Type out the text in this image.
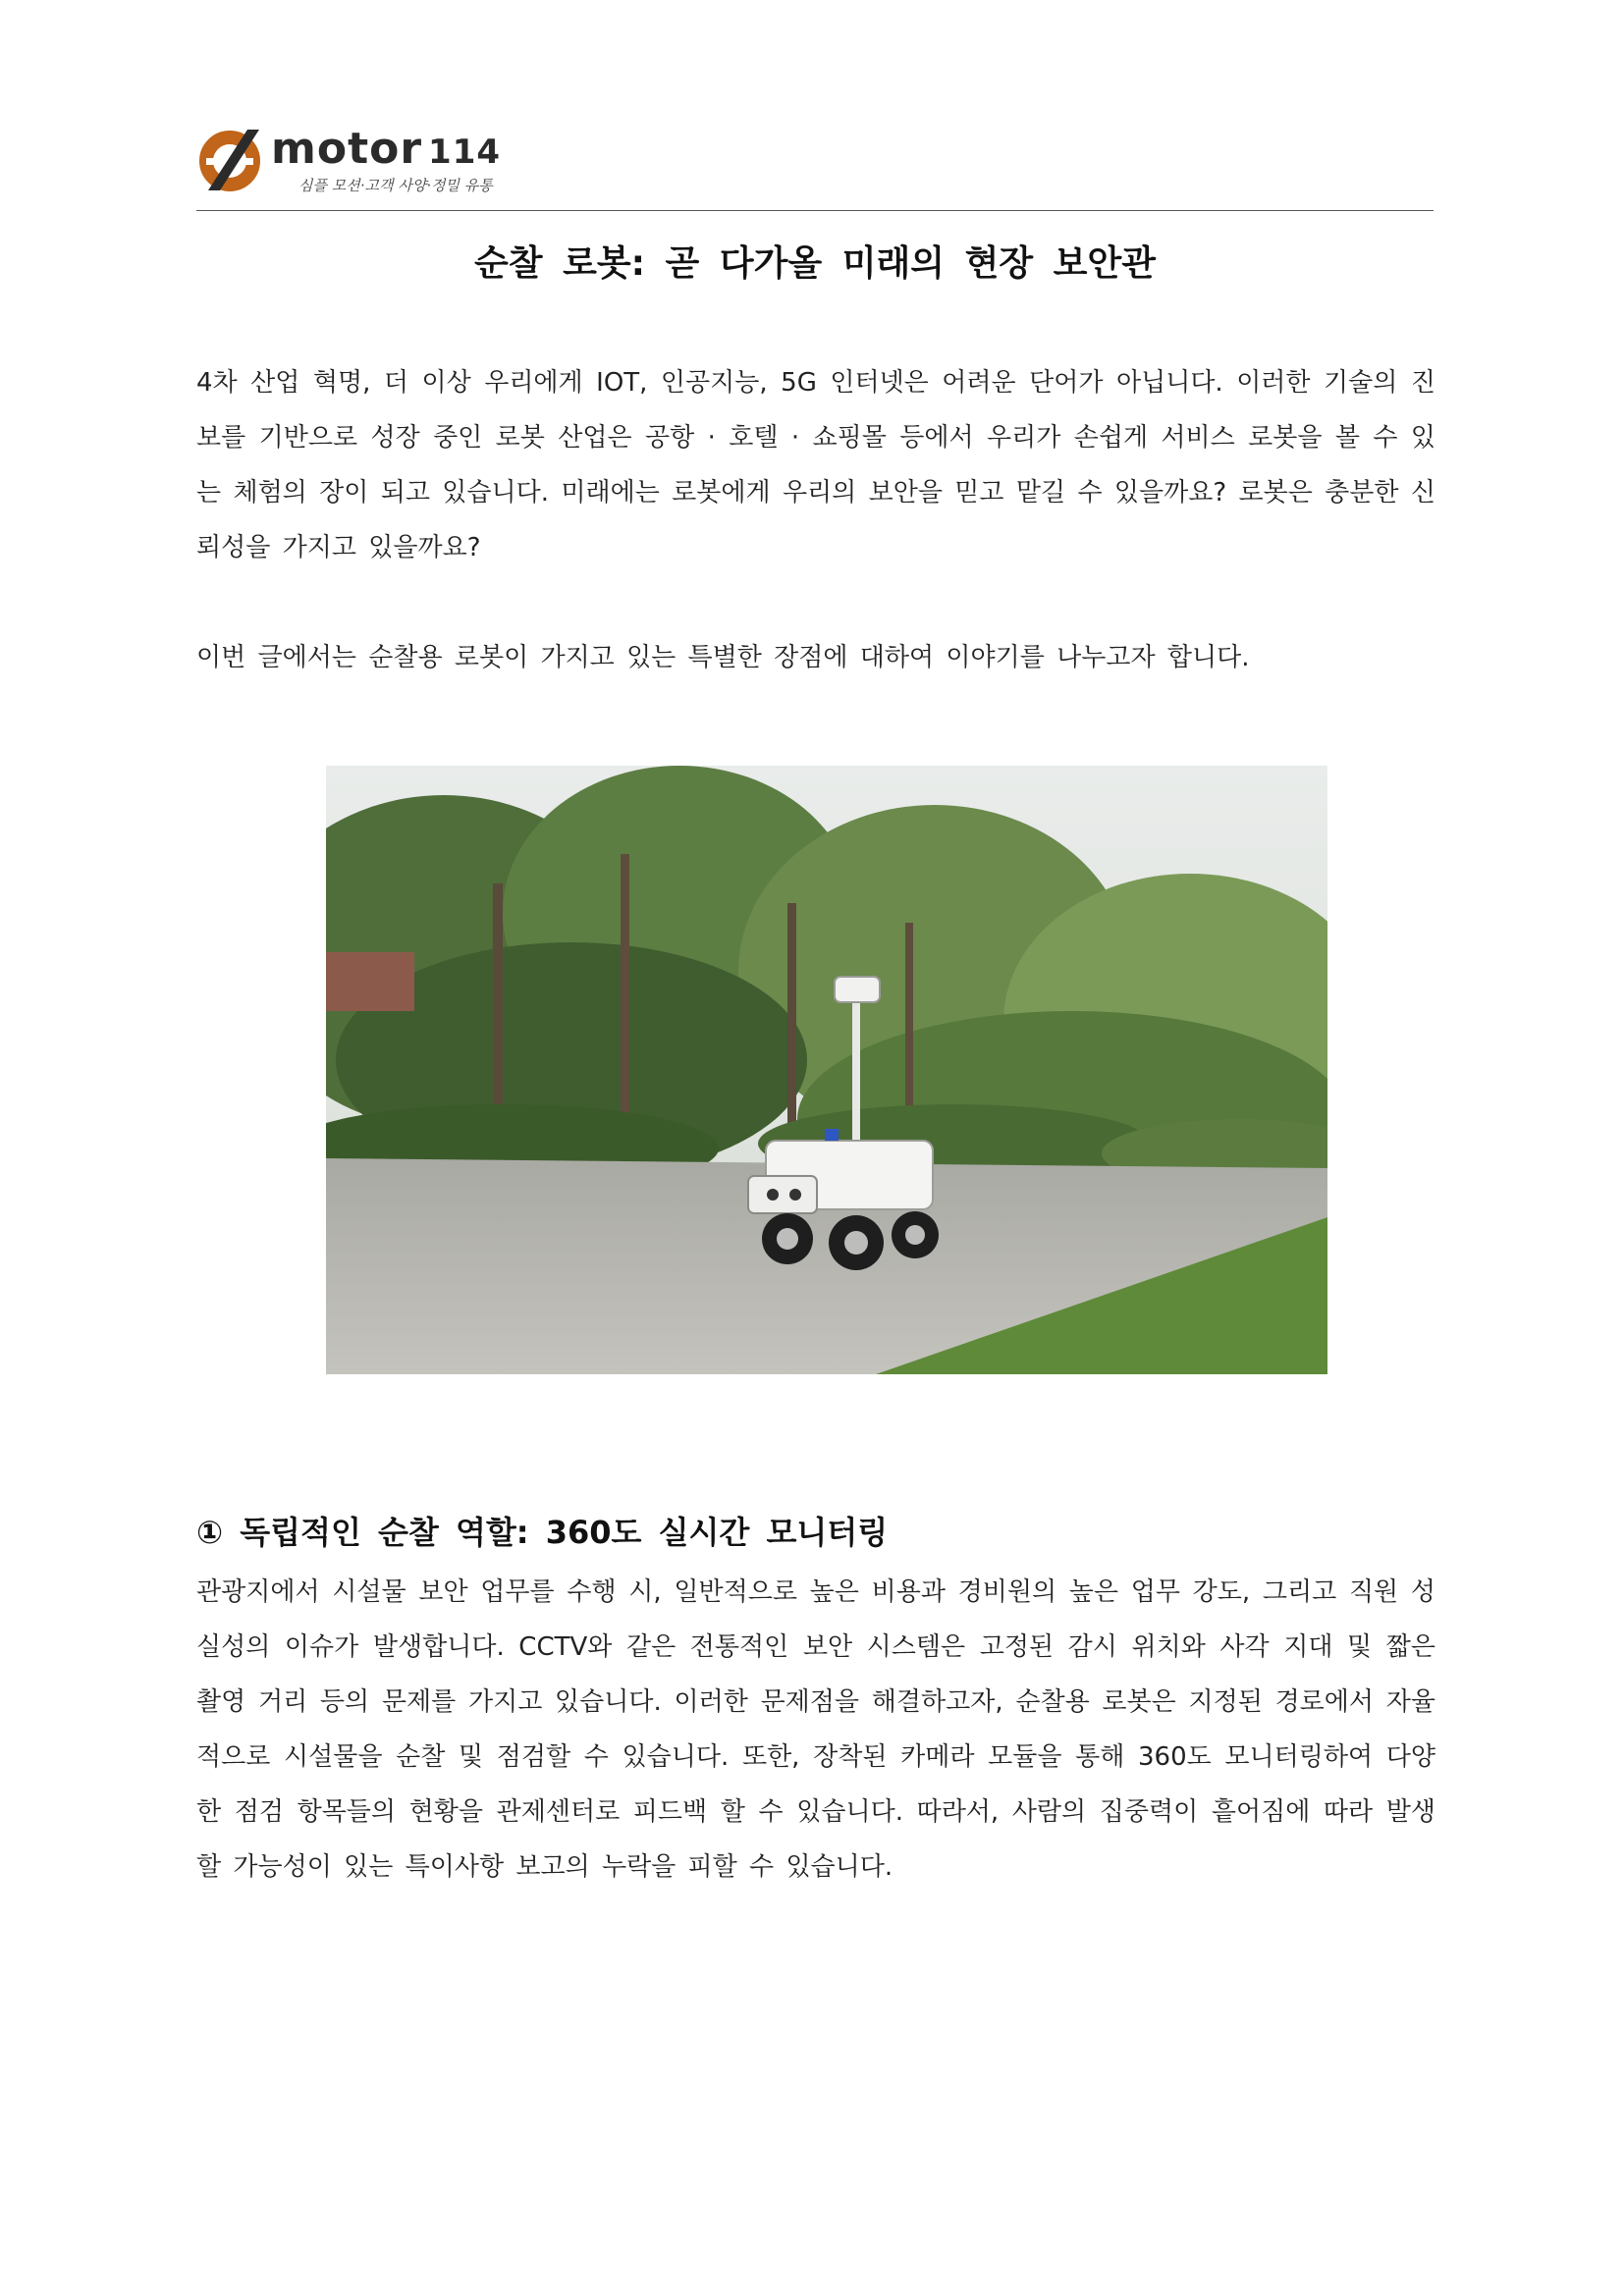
motor 114
심플 모션·고객 사양·정밀 유통
순찰 로봇: 곧 다가올 미래의 현장 보안관

4차 산업 혁명, 더 이상 우리에게 IOT, 인공지능, 5G 인터넷은 어려운 단어가 아닙니다. 이러한 기술의 진보를 기반으로 성장 중인 로봇 산업은 공항 · 호텔 · 쇼핑몰 등에서 우리가 손쉽게 서비스 로봇을 볼 수 있는 체험의 장이 되고 있습니다. 미래에는 로봇에게 우리의 보안을 믿고 맡길 수 있을까요? 로봇은 충분한 신뢰성을 가지고 있을까요?

이번 글에서는 순찰용 로봇이 가지고 있는 특별한 장점에 대하여 이야기를 나누고자 합니다.

① 독립적인 순찰 역할: 360도 실시간 모니터링

관광지에서 시설물 보안 업무를 수행 시, 일반적으로 높은 비용과 경비원의 높은 업무 강도, 그리고 직원 성실성의 이슈가 발생합니다. CCTV와 같은 전통적인 보안 시스템은 고정된 감시 위치와 사각 지대 및 짧은 촬영 거리 등의 문제를 가지고 있습니다. 이러한 문제점을 해결하고자, 순찰용 로봇은 지정된 경로에서 자율적으로 시설물을 순찰 및 점검할 수 있습니다. 또한, 장착된 카메라 모듈을 통해 360도 모니터링하여 다양한 점검 항목들의 현황을 관제센터로 피드백 할 수 있습니다. 따라서, 사람의 집중력이 흩어짐에 따라 발생할 가능성이 있는 특이사항 보고의 누락을 피할 수 있습니다.
